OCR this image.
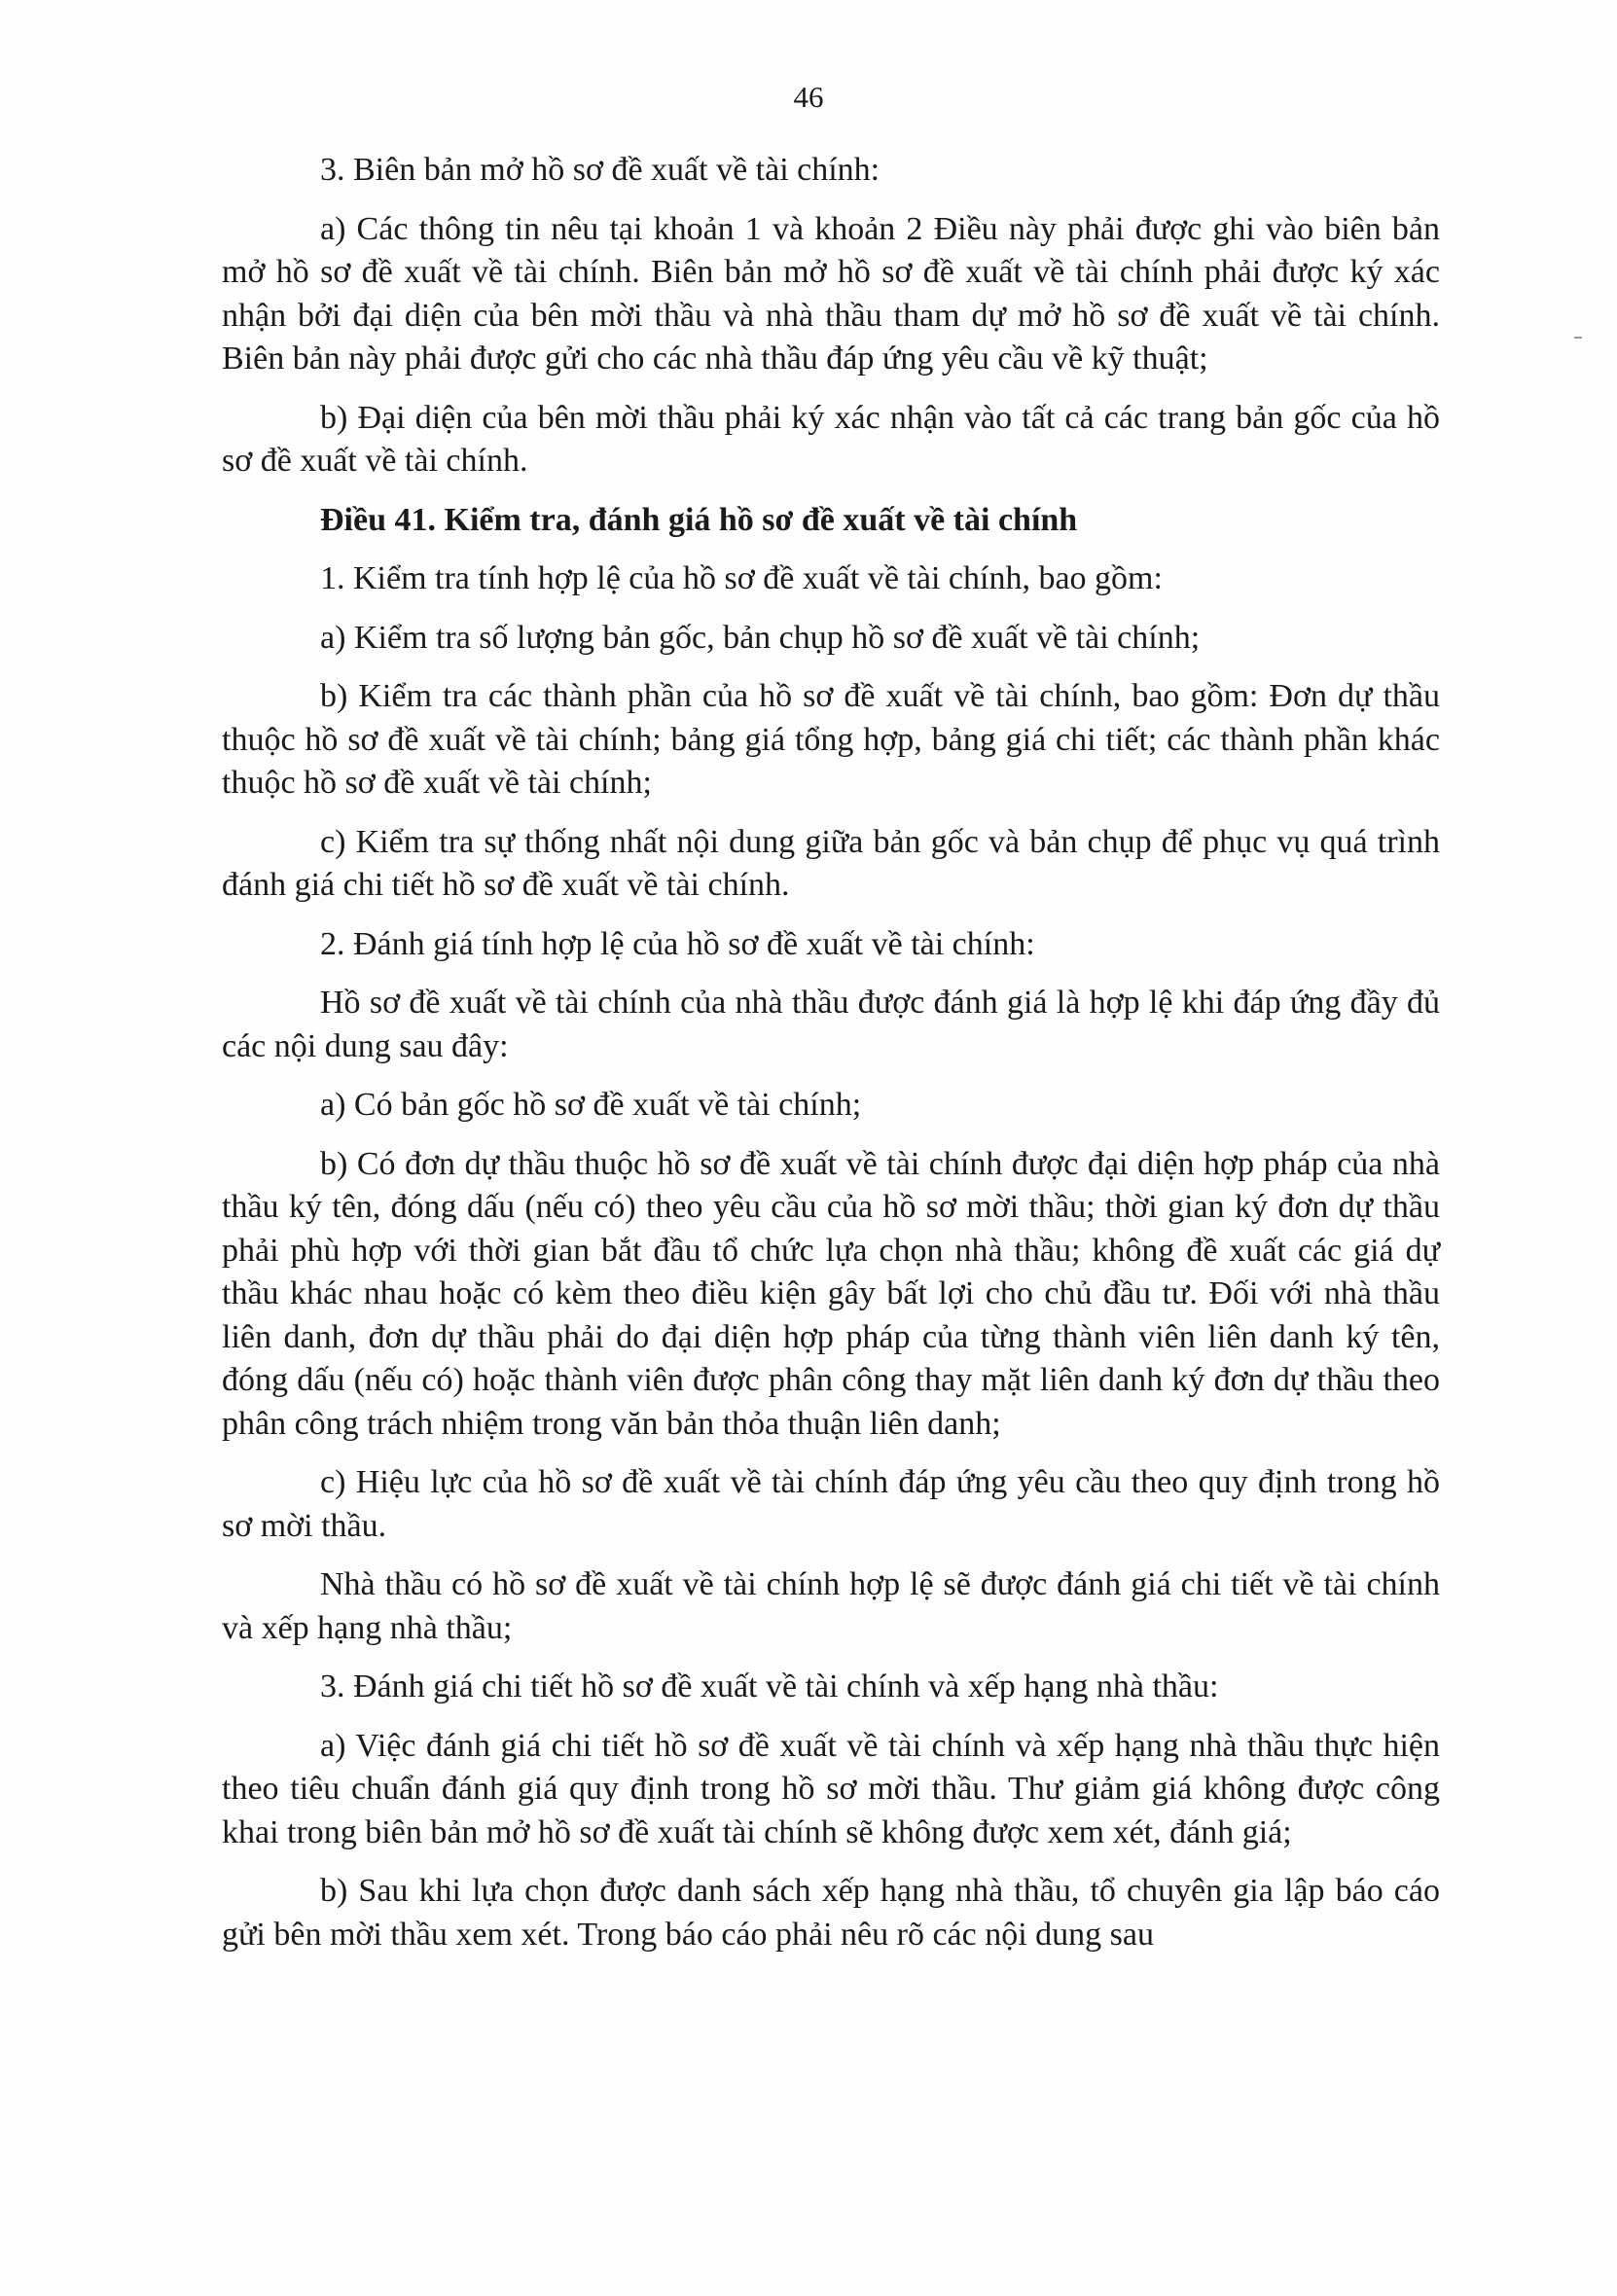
46

3. Biên bản mở hồ sơ đề xuất về tài chính:

a) Các thông tin nêu tại khoản 1 và khoản 2 Điều này phải được ghi vào biên bản mở hồ sơ đề xuất về tài chính. Biên bản mở hồ sơ đề xuất về tài chính phải được ký xác nhận bởi đại diện của bên mời thầu và nhà thầu tham dự mở hồ sơ đề xuất về tài chính. Biên bản này phải được gửi cho các nhà thầu đáp ứng yêu cầu về kỹ thuật;

b) Đại diện của bên mời thầu phải ký xác nhận vào tất cả các trang bản gốc của hồ sơ đề xuất về tài chính.

Điều 41. Kiểm tra, đánh giá hồ sơ đề xuất về tài chính

1. Kiểm tra tính hợp lệ của hồ sơ đề xuất về tài chính, bao gồm:

a) Kiểm tra số lượng bản gốc, bản chụp hồ sơ đề xuất về tài chính;

b) Kiểm tra các thành phần của hồ sơ đề xuất về tài chính, bao gồm: Đơn dự thầu thuộc hồ sơ đề xuất về tài chính; bảng giá tổng hợp, bảng giá chi tiết; các thành phần khác thuộc hồ sơ đề xuất về tài chính;

c) Kiểm tra sự thống nhất nội dung giữa bản gốc và bản chụp để phục vụ quá trình đánh giá chi tiết hồ sơ đề xuất về tài chính.

2. Đánh giá tính hợp lệ của hồ sơ đề xuất về tài chính:

Hồ sơ đề xuất về tài chính của nhà thầu được đánh giá là hợp lệ khi đáp ứng đầy đủ các nội dung sau đây:

a) Có bản gốc hồ sơ đề xuất về tài chính;

b) Có đơn dự thầu thuộc hồ sơ đề xuất về tài chính được đại diện hợp pháp của nhà thầu ký tên, đóng dấu (nếu có) theo yêu cầu của hồ sơ mời thầu; thời gian ký đơn dự thầu phải phù hợp với thời gian bắt đầu tổ chức lựa chọn nhà thầu; không đề xuất các giá dự thầu khác nhau hoặc có kèm theo điều kiện gây bất lợi cho chủ đầu tư. Đối với nhà thầu liên danh, đơn dự thầu phải do đại diện hợp pháp của từng thành viên liên danh ký tên, đóng dấu (nếu có) hoặc thành viên được phân công thay mặt liên danh ký đơn dự thầu theo phân công trách nhiệm trong văn bản thỏa thuận liên danh;

c) Hiệu lực của hồ sơ đề xuất về tài chính đáp ứng yêu cầu theo quy định trong hồ sơ mời thầu.

Nhà thầu có hồ sơ đề xuất về tài chính hợp lệ sẽ được đánh giá chi tiết về tài chính và xếp hạng nhà thầu;

3. Đánh giá chi tiết hồ sơ đề xuất về tài chính và xếp hạng nhà thầu:

a) Việc đánh giá chi tiết hồ sơ đề xuất về tài chính và xếp hạng nhà thầu thực hiện theo tiêu chuẩn đánh giá quy định trong hồ sơ mời thầu. Thư giảm giá không được công khai trong biên bản mở hồ sơ đề xuất tài chính sẽ không được xem xét, đánh giá;

b) Sau khi lựa chọn được danh sách xếp hạng nhà thầu, tổ chuyên gia lập báo cáo gửi bên mời thầu xem xét. Trong báo cáo phải nêu rõ các nội dung sau
